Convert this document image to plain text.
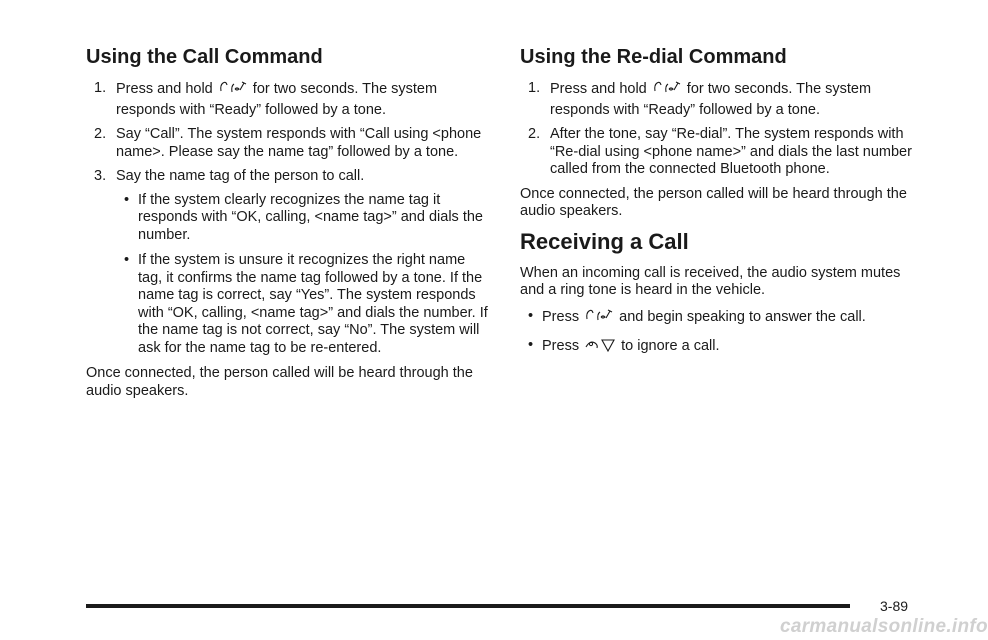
Using the Call Command
1. Press and hold	for two seconds. The system responds with “Ready” followed by a tone.
2. Say “Call”. The system responds with “Call using <phone name>. Please say the name tag” followed by a tone.
3. Say the name tag of the person to call.
• If the system clearly recognizes the name tag it responds with “OK, calling, <name tag>” and dials the number.
• If the system is unsure it recognizes the right name tag, it confirms the name tag followed by a tone. If the name tag is correct, say “Yes”. The system responds with “OK, calling, <name tag>” and dials the number. If the name tag is not correct, say “No”. The system will ask for the name tag to be re-entered.

Once connected, the person called will be heard through the audio speakers.

Using the Re-dial Command
1. Press and hold	for two seconds. The system responds with “Ready” followed by a tone.
2. After the tone, say “Re-dial”. The system responds with “Re-dial using <phone name>” and dials the last number called from the connected Bluetooth phone.

Once connected, the person called will be heard through the audio speakers.

Receiving a Call

When an incoming call is received, the audio system mutes and a ring tone is heard in the vehicle.

• Press	and begin speaking to answer the call.
• Press	to ignore a call.
3-89
carmanualsonline.info
